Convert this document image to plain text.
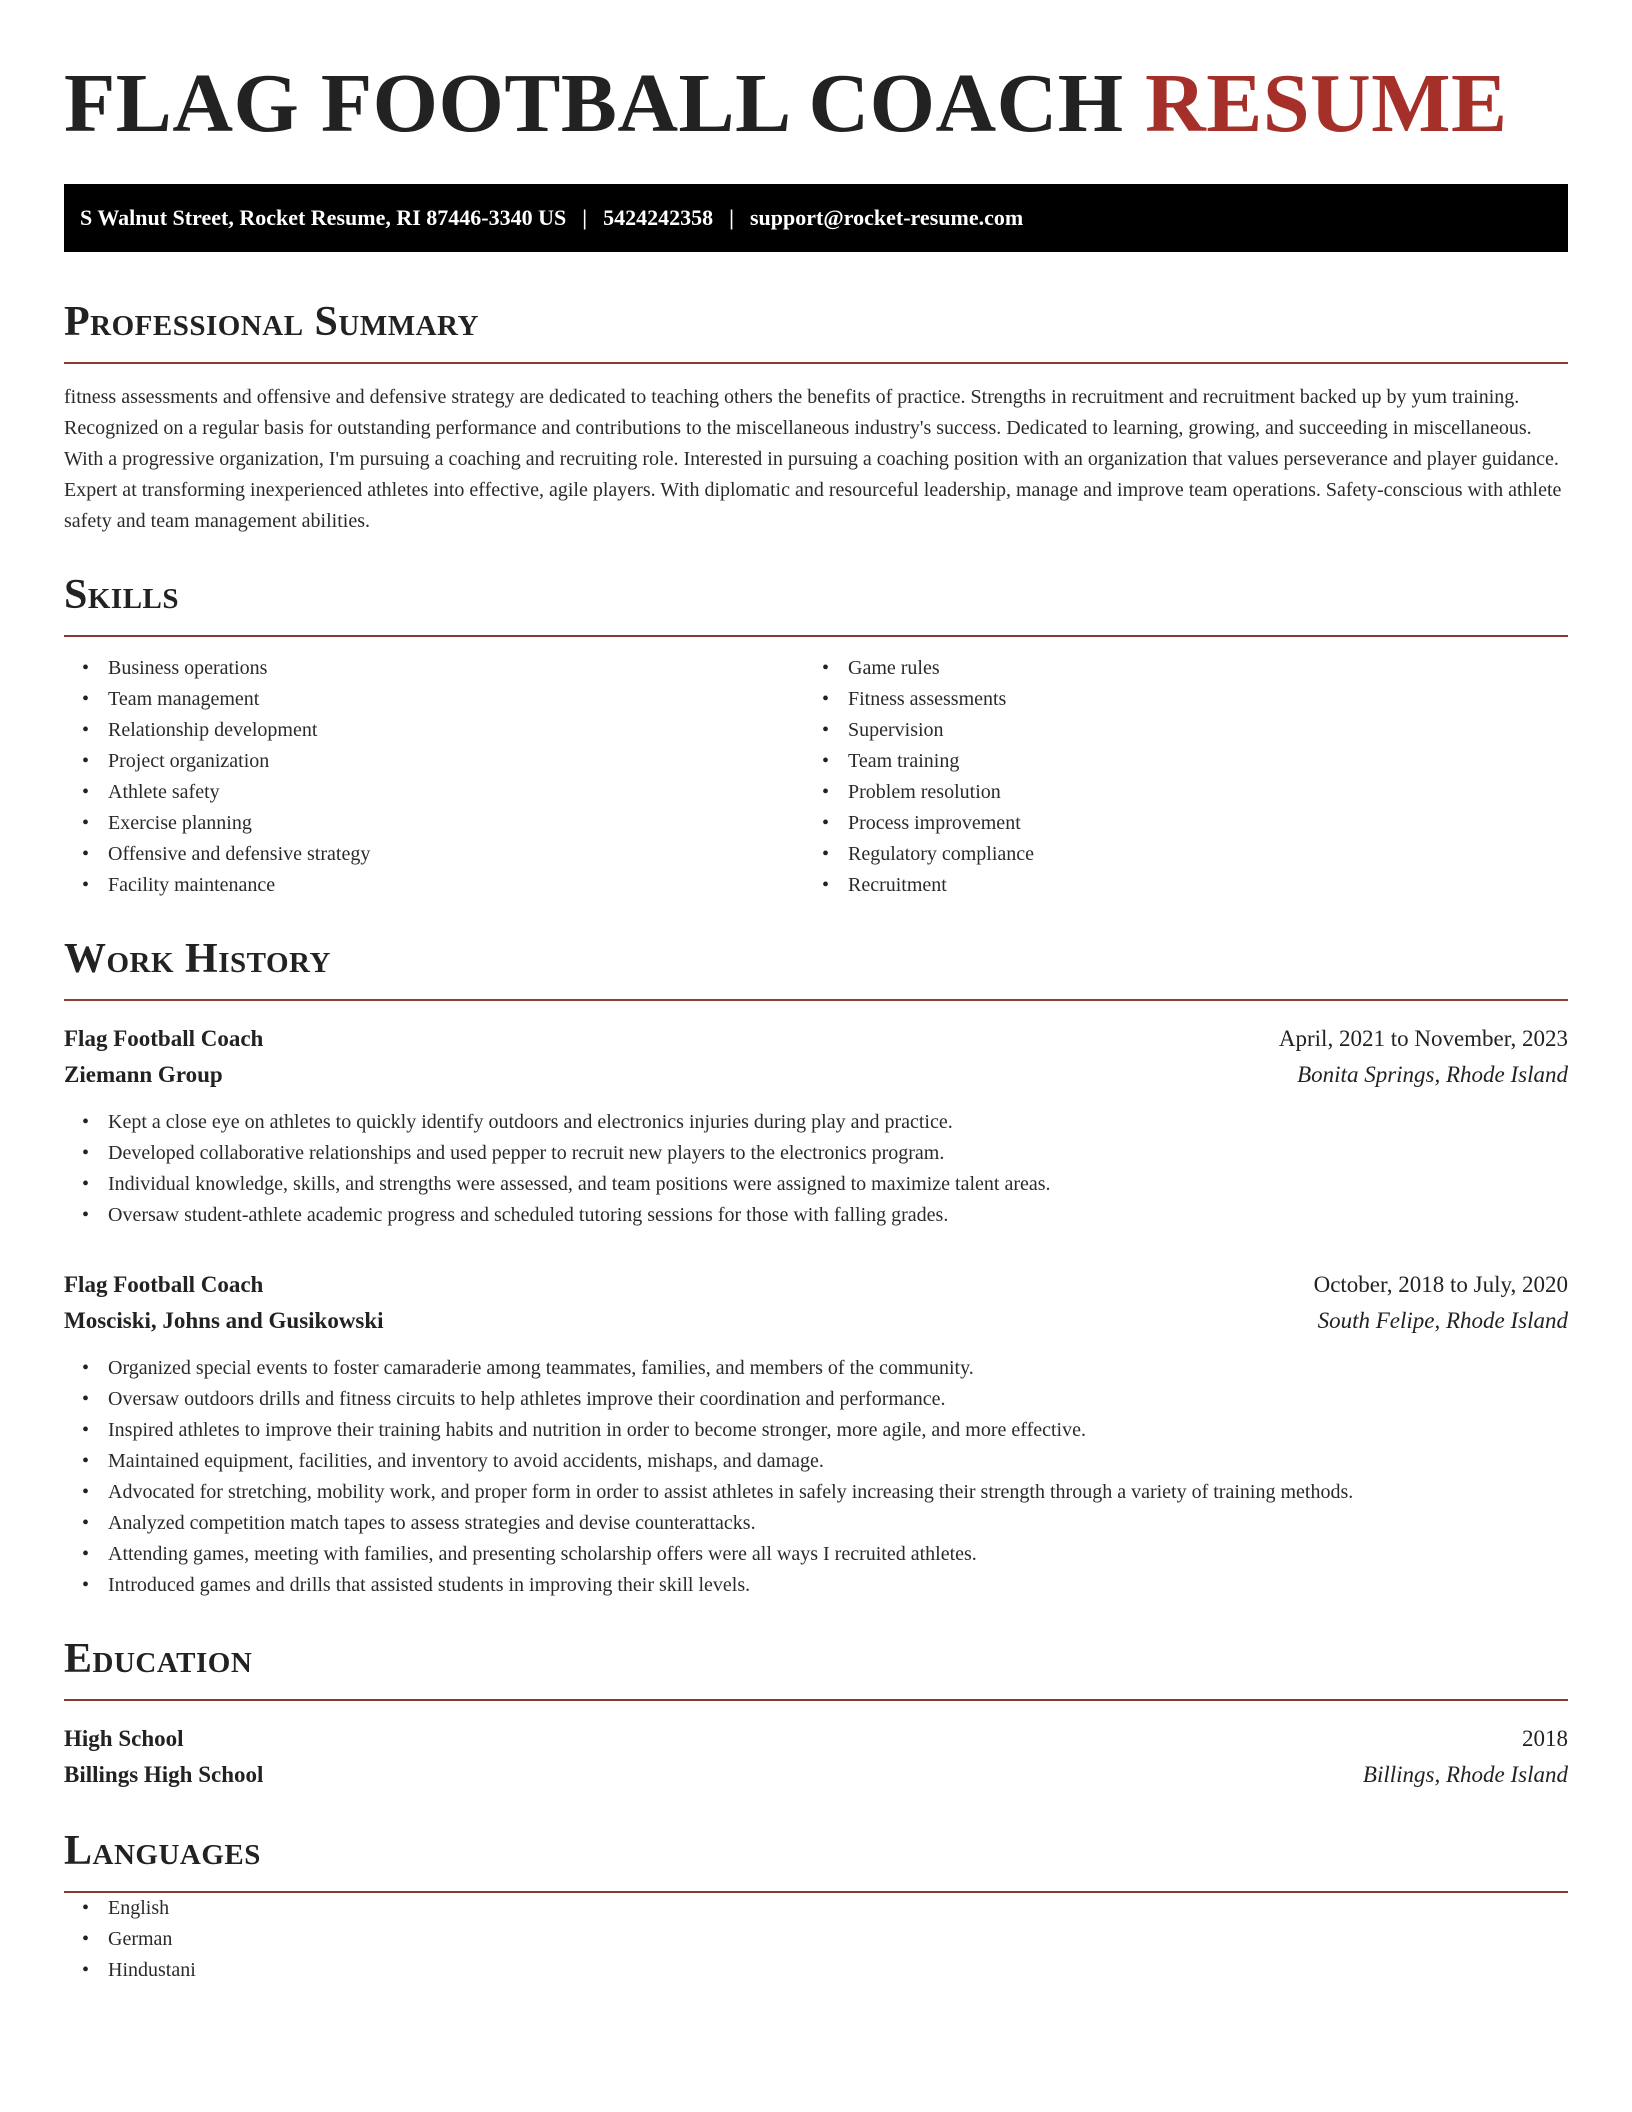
FLAG FOOTBALL COACH RESUME
S Walnut Street, Rocket Resume, RI 87446-3340 US | 5424242358 | support@rocket-resume.com
Professional Summary

fitness assessments and offensive and defensive strategy are dedicated to teaching others the benefits of practice. Strengths in recruitment and recruitment backed up by yum training. Recognized on a regular basis for outstanding performance and contributions to the miscellaneous industry's success. Dedicated to learning, growing, and succeeding in miscellaneous. With a progressive organization, I'm pursuing a coaching and recruiting role. Interested in pursuing a coaching position with an organization that values perseverance and player guidance. Expert at transforming inexperienced athletes into effective, agile players. With diplomatic and resourceful leadership, manage and improve team operations. Safety-conscious with athlete safety and team management abilities.

Skills
• Business operations
• Team management
• Relationship development
• Project organization
• Athlete safety
• Exercise planning
• Offensive and defensive strategy
• Facility maintenance
• Game rules
• Fitness assessments
• Supervision
• Team training
• Problem resolution
• Process improvement
• Regulatory compliance
• Recruitment
Work History
Flag Football Coach	April, 2021 to November, 2023
Ziemann Group	Bonita Springs, Rhode Island
• Kept a close eye on athletes to quickly identify outdoors and electronics injuries during play and practice.
• Developed collaborative relationships and used pepper to recruit new players to the electronics program.
• Individual knowledge, skills, and strengths were assessed, and team positions were assigned to maximize talent areas.
• Oversaw student-athlete academic progress and scheduled tutoring sessions for those with falling grades.
Flag Football Coach	October, 2018 to July, 2020
Mosciski, Johns and Gusikowski	South Felipe, Rhode Island
• Organized special events to foster camaraderie among teammates, families, and members of the community.
• Oversaw outdoors drills and fitness circuits to help athletes improve their coordination and performance.
• Inspired athletes to improve their training habits and nutrition in order to become stronger, more agile, and more effective.
• Maintained equipment, facilities, and inventory to avoid accidents, mishaps, and damage.
• Advocated for stretching, mobility work, and proper form in order to assist athletes in safely increasing their strength through a variety of training methods.
• Analyzed competition match tapes to assess strategies and devise counterattacks.
• Attending games, meeting with families, and presenting scholarship offers were all ways I recruited athletes.
• Introduced games and drills that assisted students in improving their skill levels.
Education
High School	2018
Billings High School	Billings, Rhode Island
Languages
• English
• German
• Hindustani
